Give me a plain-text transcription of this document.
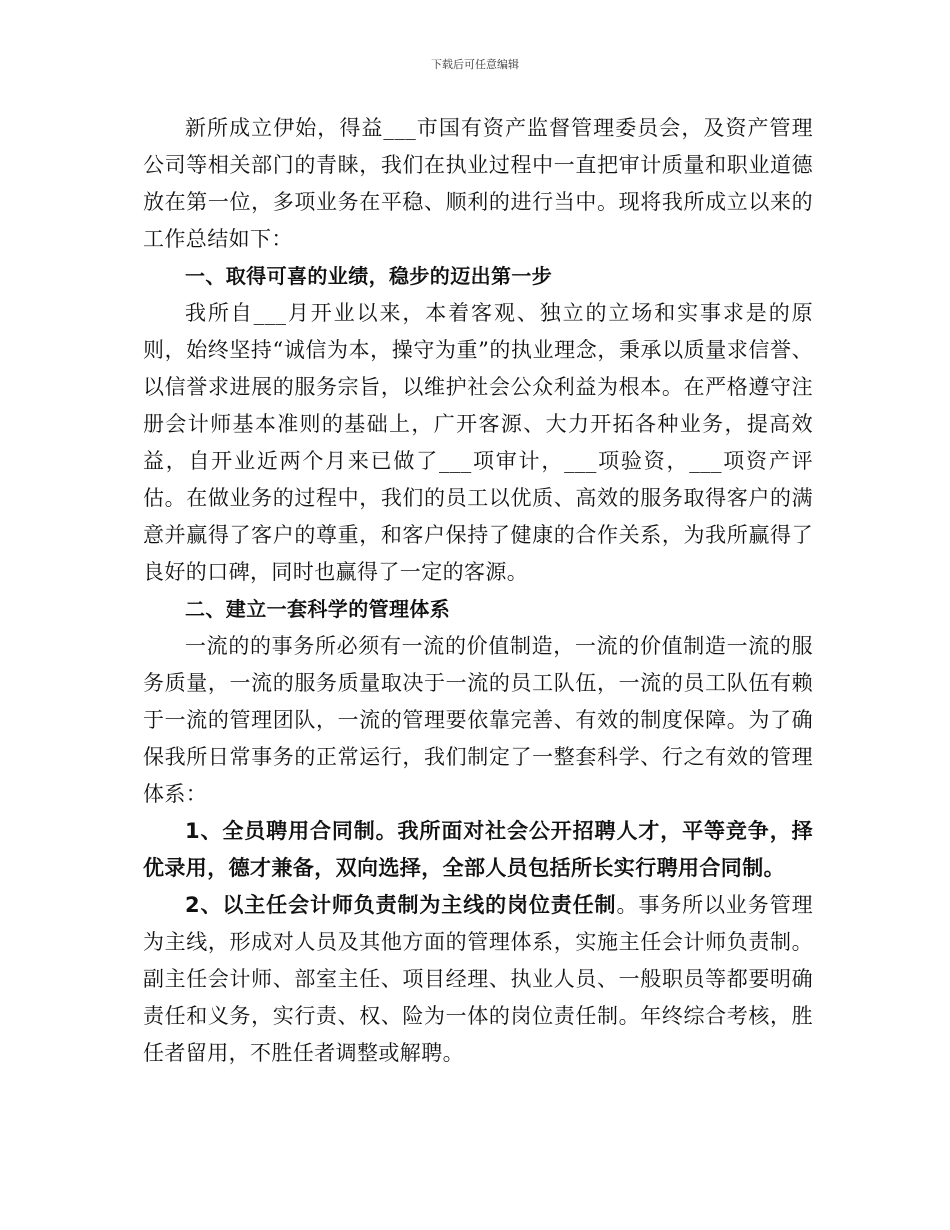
下载后可任意编辑

新所成立伊始，得益___市国有资产监督管理委员会，及资产管理公司等相关部门的青睐，我们在执业过程中一直把审计质量和职业道德放在第一位，多项业务在平稳、顺利的进行当中。现将我所成立以来的工作总结如下：

一、取得可喜的业绩，稳步的迈出第一步

我所自___月开业以来，本着客观、独立的立场和实事求是的原则，始终坚持“诚信为本，操守为重”的执业理念，秉承以质量求信誉、以信誉求进展的服务宗旨，以维护社会公众利益为根本。在严格遵守注册会计师基本准则的基础上，广开客源、大力开拓各种业务，提高效益，自开业近两个月来已做了___项审计，___项验资，___项资产评估。在做业务的过程中，我们的员工以优质、高效的服务取得客户的满意并赢得了客户的尊重，和客户保持了健康的合作关系，为我所赢得了良好的口碑，同时也赢得了一定的客源。

二、建立一套科学的管理体系

一流的的事务所必须有一流的价值制造，一流的价值制造一流的服务质量，一流的服务质量取决于一流的员工队伍，一流的员工队伍有赖于一流的管理团队，一流的管理要依靠完善、有效的制度保障。为了确保我所日常事务的正常运行，我们制定了一整套科学、行之有效的管理体系：

1、全员聘用合同制。我所面对社会公开招聘人才，平等竞争，择优录用，德才兼备，双向选择，全部人员包括所长实行聘用合同制。

2、以主任会计师负责制为主线的岗位责任制。事务所以业务管理为主线，形成对人员及其他方面的管理体系，实施主任会计师负责制。副主任会计师、部室主任、项目经理、执业人员、一般职员等都要明确责任和义务，实行责、权、险为一体的岗位责任制。年终综合考核，胜任者留用，不胜任者调整或解聘。
